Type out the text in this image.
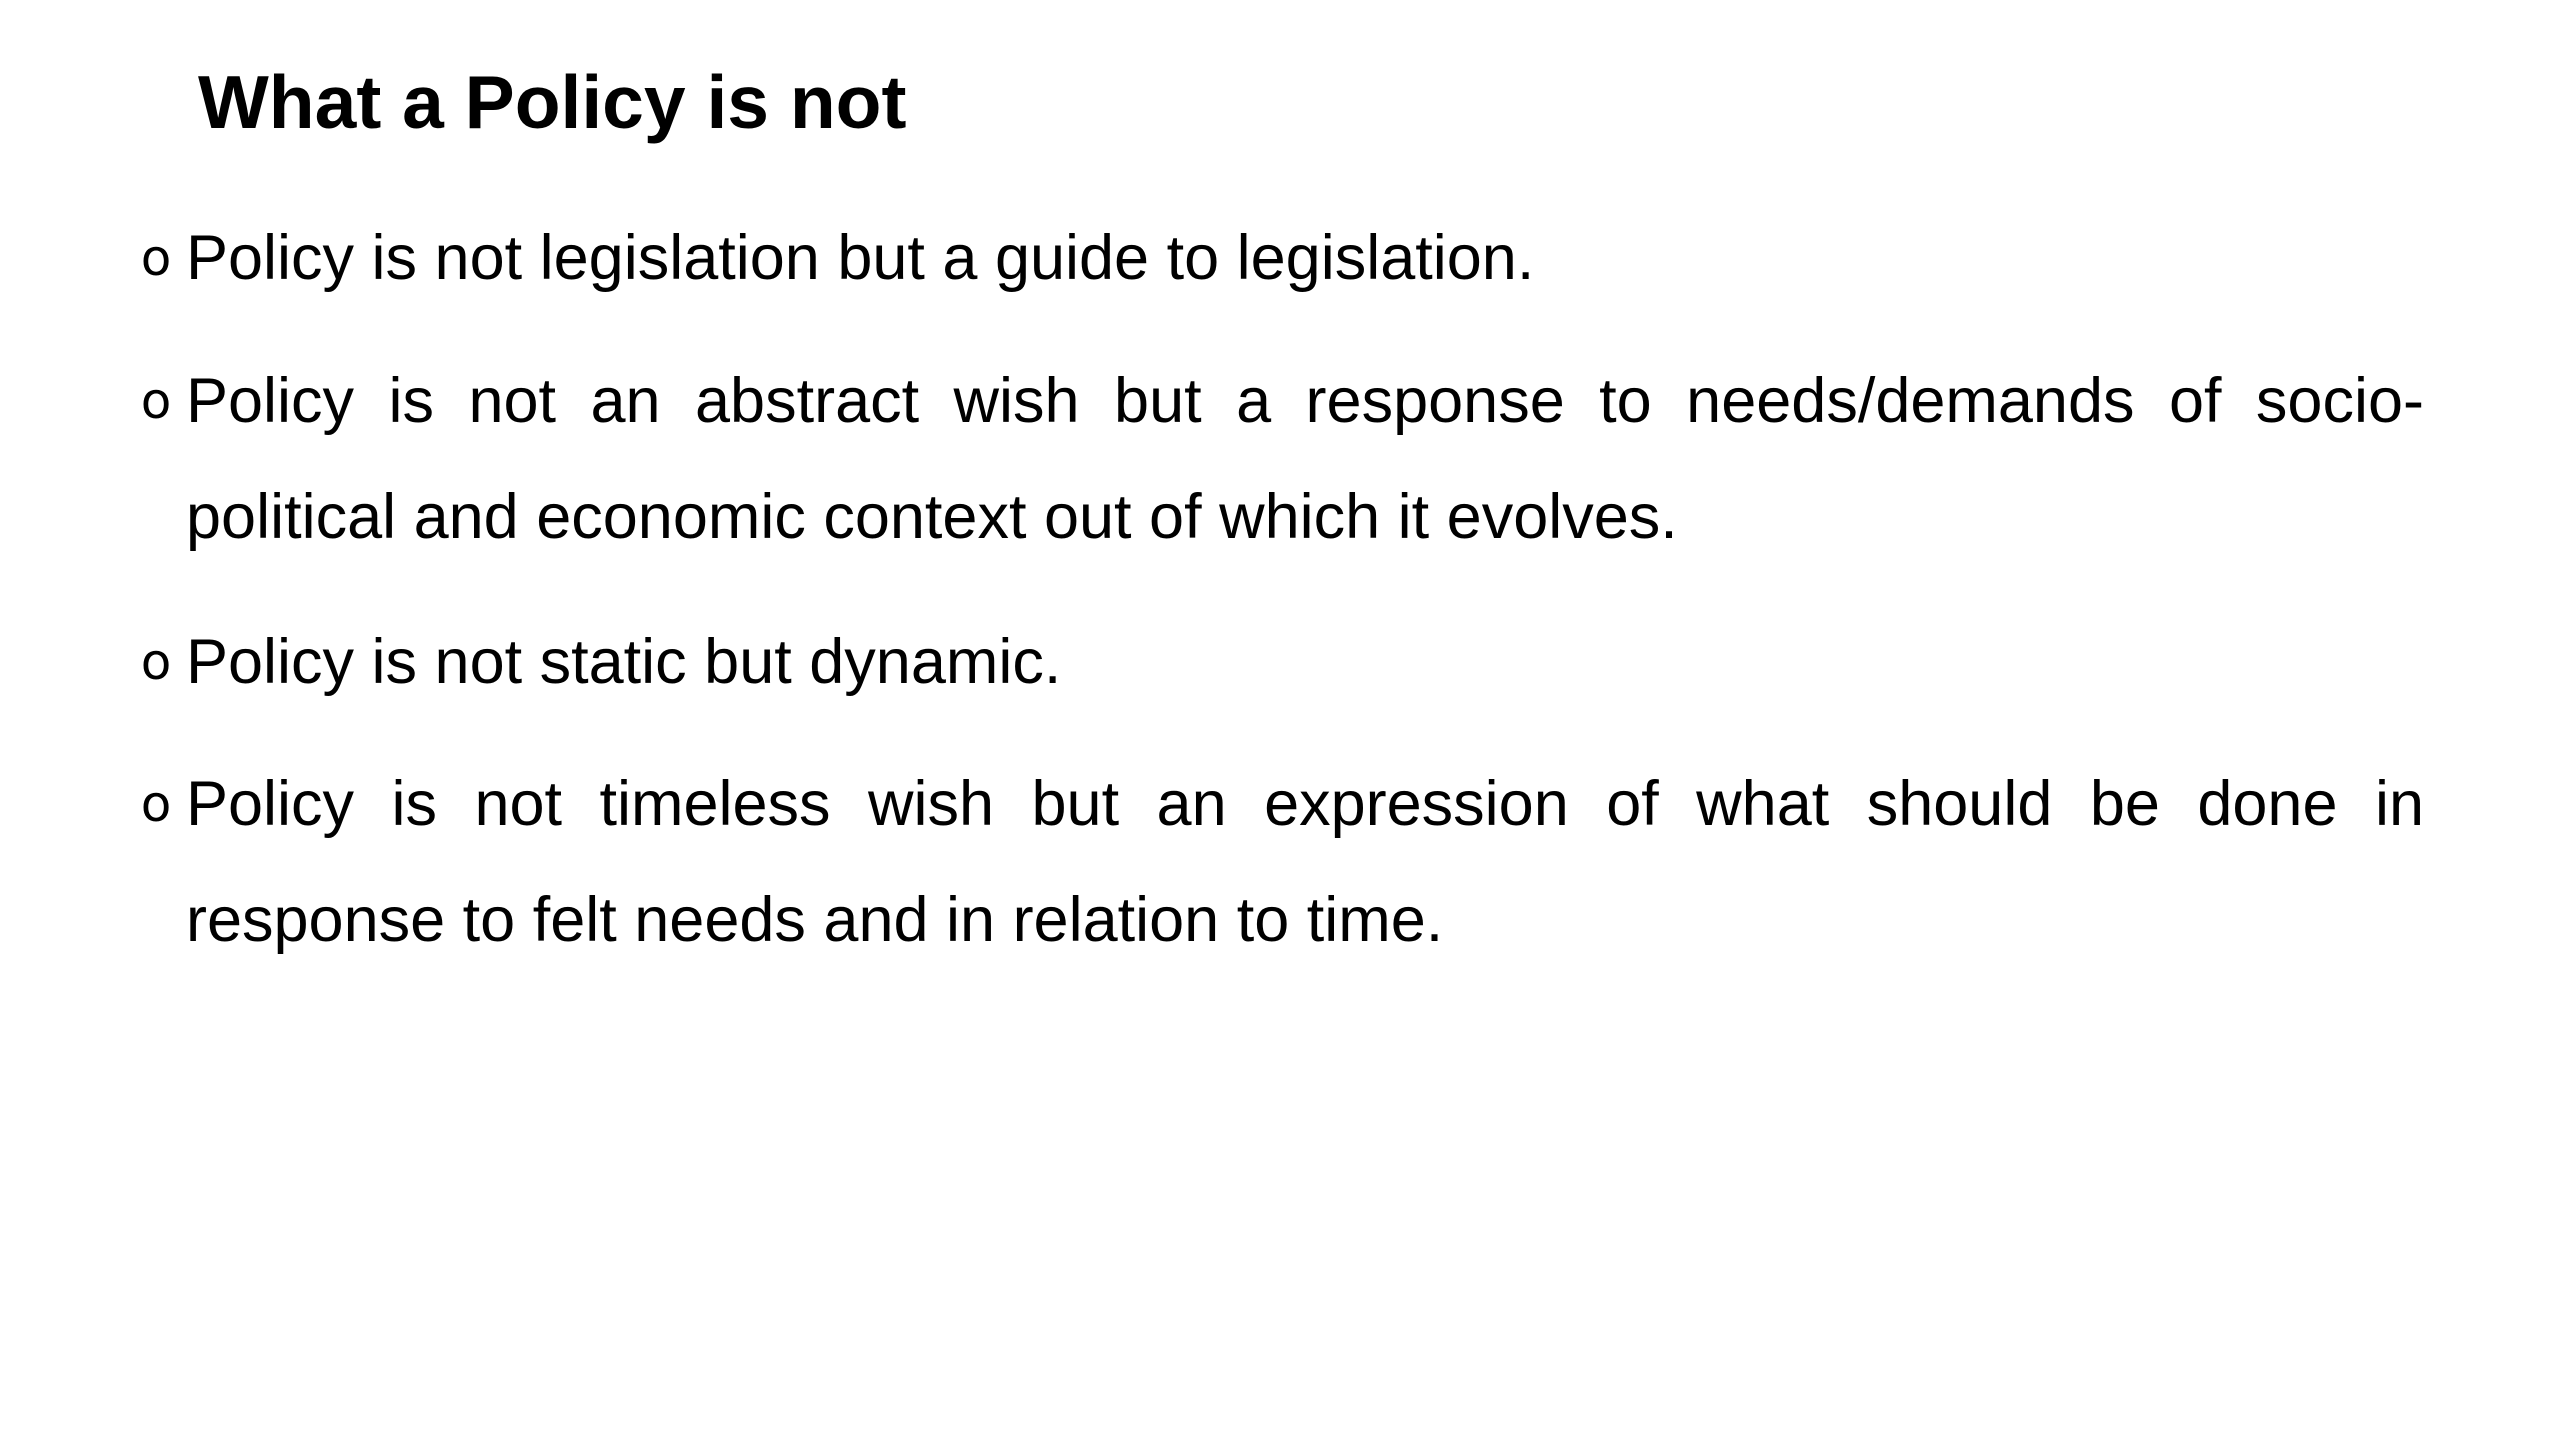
What a Policy is not
o Policy is not legislation but a guide to legislation.

o Policy is not an abstract wish but a response to needs/demands of socio-political and economic context out of which it evolves.

o Policy is not static but dynamic.

o Policy is not timeless wish but an expression of what should be done in response to felt needs and in relation to time.
